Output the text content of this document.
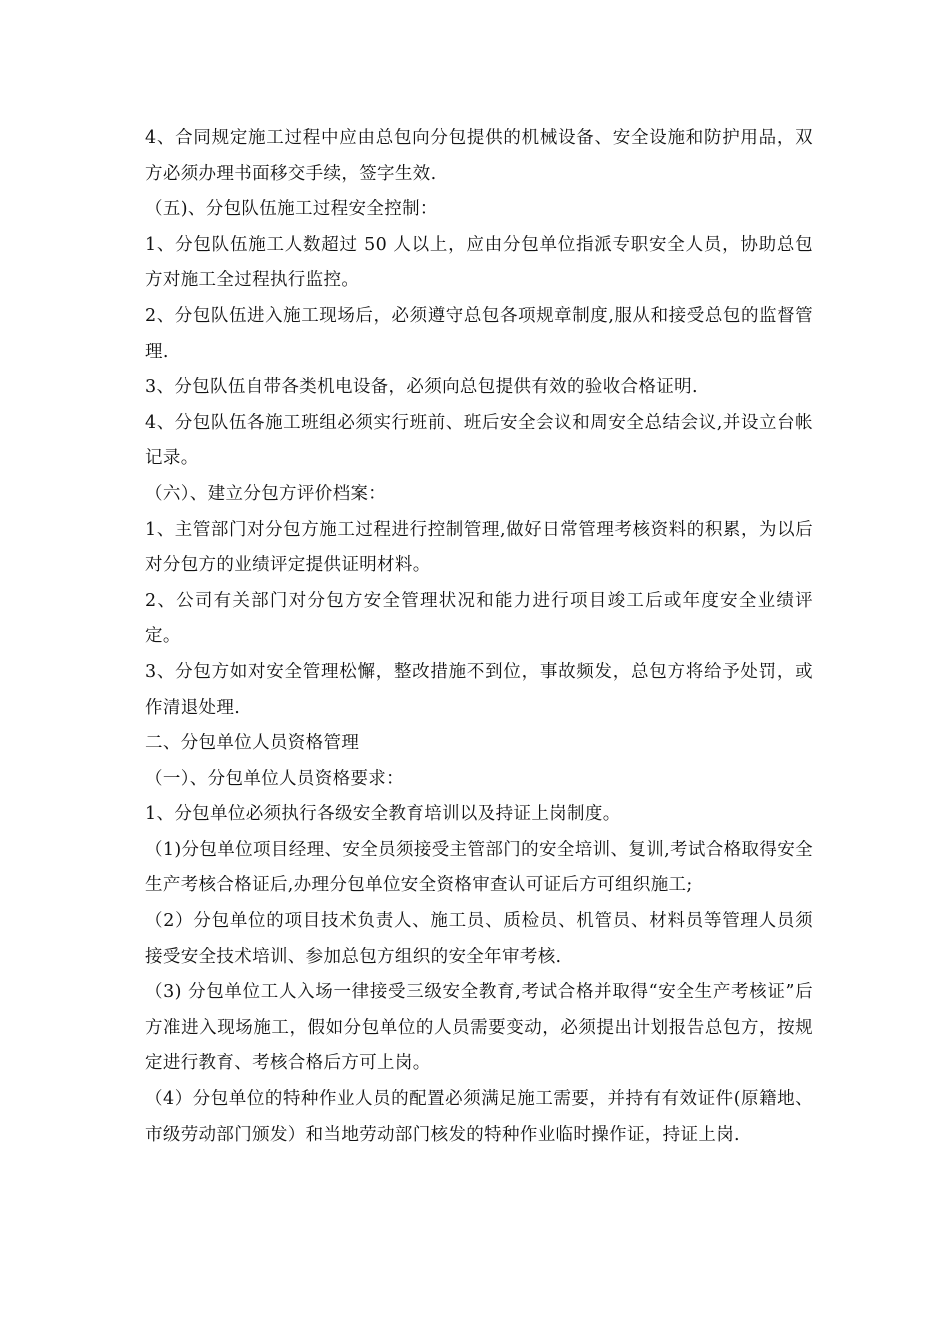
4、合同规定施工过程中应由总包向分包提供的机械设备、安全设施和防护用品，双方必须办理书面移交手续，签字生效.

（五)、分包队伍施工过程安全控制：

1、分包队伍施工人数超过 50 人以上，应由分包单位指派专职安全人员，协助总包方对施工全过程执行监控。

2、分包队伍进入施工现场后，必须遵守总包各项规章制度,服从和接受总包的监督管理.

3、分包队伍自带各类机电设备，必须向总包提供有效的验收合格证明.

4、分包队伍各施工班组必须实行班前、班后安全会议和周安全总结会议,并设立台帐记录。

（六）、建立分包方评价档案：

1、主管部门对分包方施工过程进行控制管理,做好日常管理考核资料的积累，为以后对分包方的业绩评定提供证明材料。

2、公司有关部门对分包方安全管理状况和能力进行项目竣工后或年度安全业绩评定。

3、分包方如对安全管理松懈，整改措施不到位，事故频发，总包方将给予处罚，或作清退处理.

二、分包单位人员资格管理

（一）、分包单位人员资格要求：

1、分包单位必须执行各级安全教育培训以及持证上岗制度。

（1)分包单位项目经理、安全员须接受主管部门的安全培训、复训,考试合格取得安全生产考核合格证后,办理分包单位安全资格审查认可证后方可组织施工;

（2）分包单位的项目技术负责人、施工员、质检员、机管员、材料员等管理人员须接受安全技术培训、参加总包方组织的安全年审考核.

（3) 分包单位工人入场一律接受三级安全教育,考试合格并取得“安全生产考核证”后方准进入现场施工，假如分包单位的人员需要变动，必须提出计划报告总包方，按规定进行教育、考核合格后方可上岗。

（4）分包单位的特种作业人员的配置必须满足施工需要，并持有有效证件(原籍地、市级劳动部门颁发）和当地劳动部门核发的特种作业临时操作证，持证上岗.
